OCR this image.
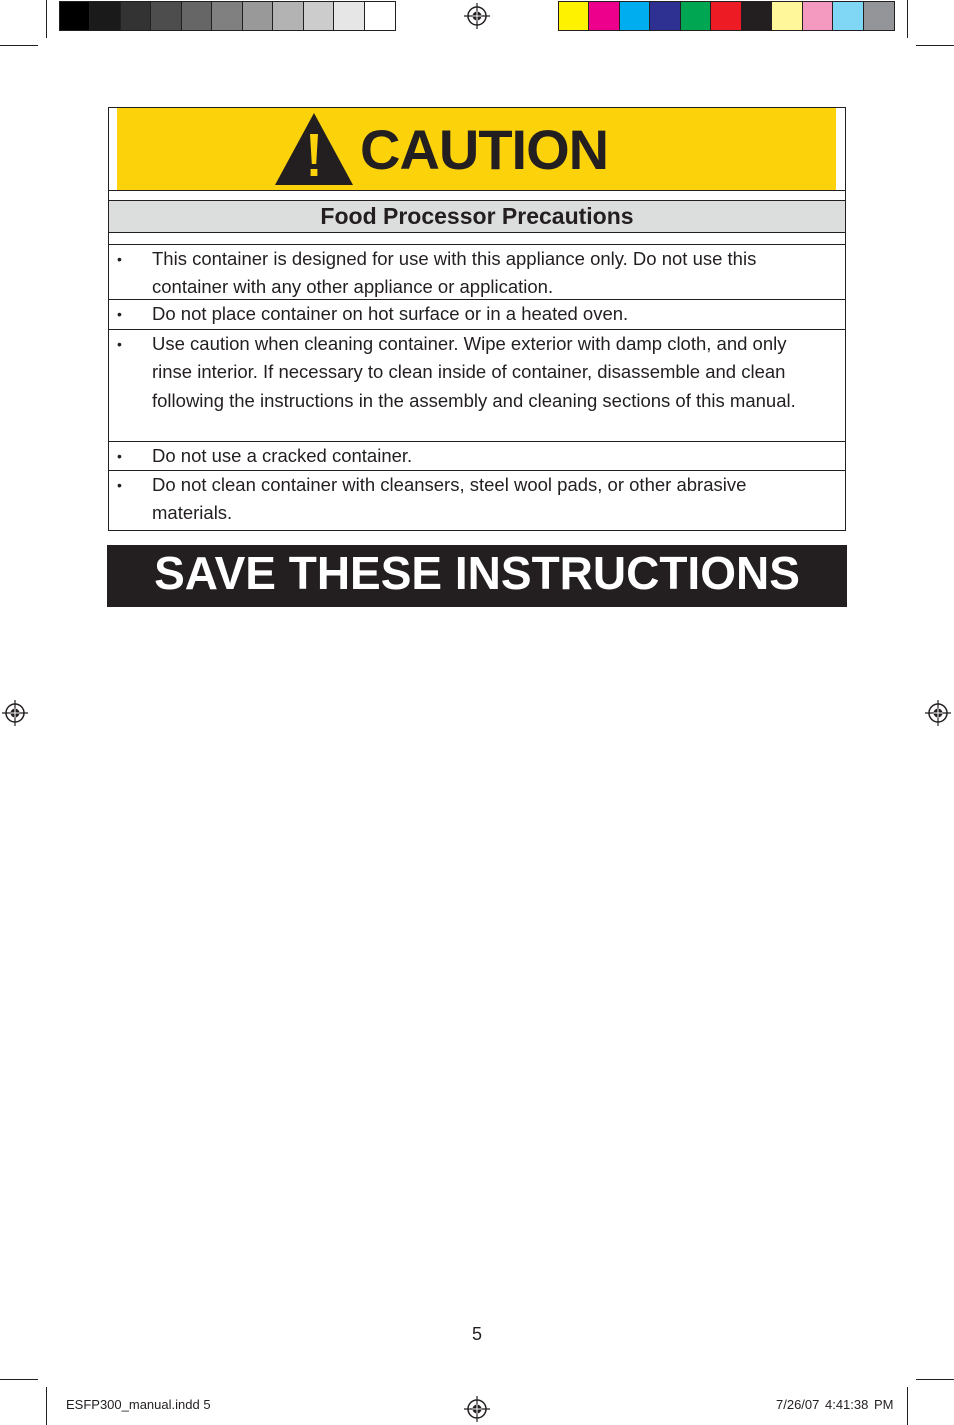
CAUTION
Food Processor Precautions
• This container is designed for use with this appliance only. Do not use this container with any other appliance or application.
• Do not place container on hot surface or in a heated oven.
• Use caution when cleaning container. Wipe exterior with damp cloth, and only rinse interior. If necessary to clean inside of container, disassemble and clean following the instructions in the assembly and cleaning sections of this manual.
• Do not use a cracked container.
• Do not clean container with cleansers, steel wool pads, or other abrasive materials.
SAVE THESE INSTRUCTIONS
5
ESFP300_manual.indd 5	7/26/07 4:41:38 PM
